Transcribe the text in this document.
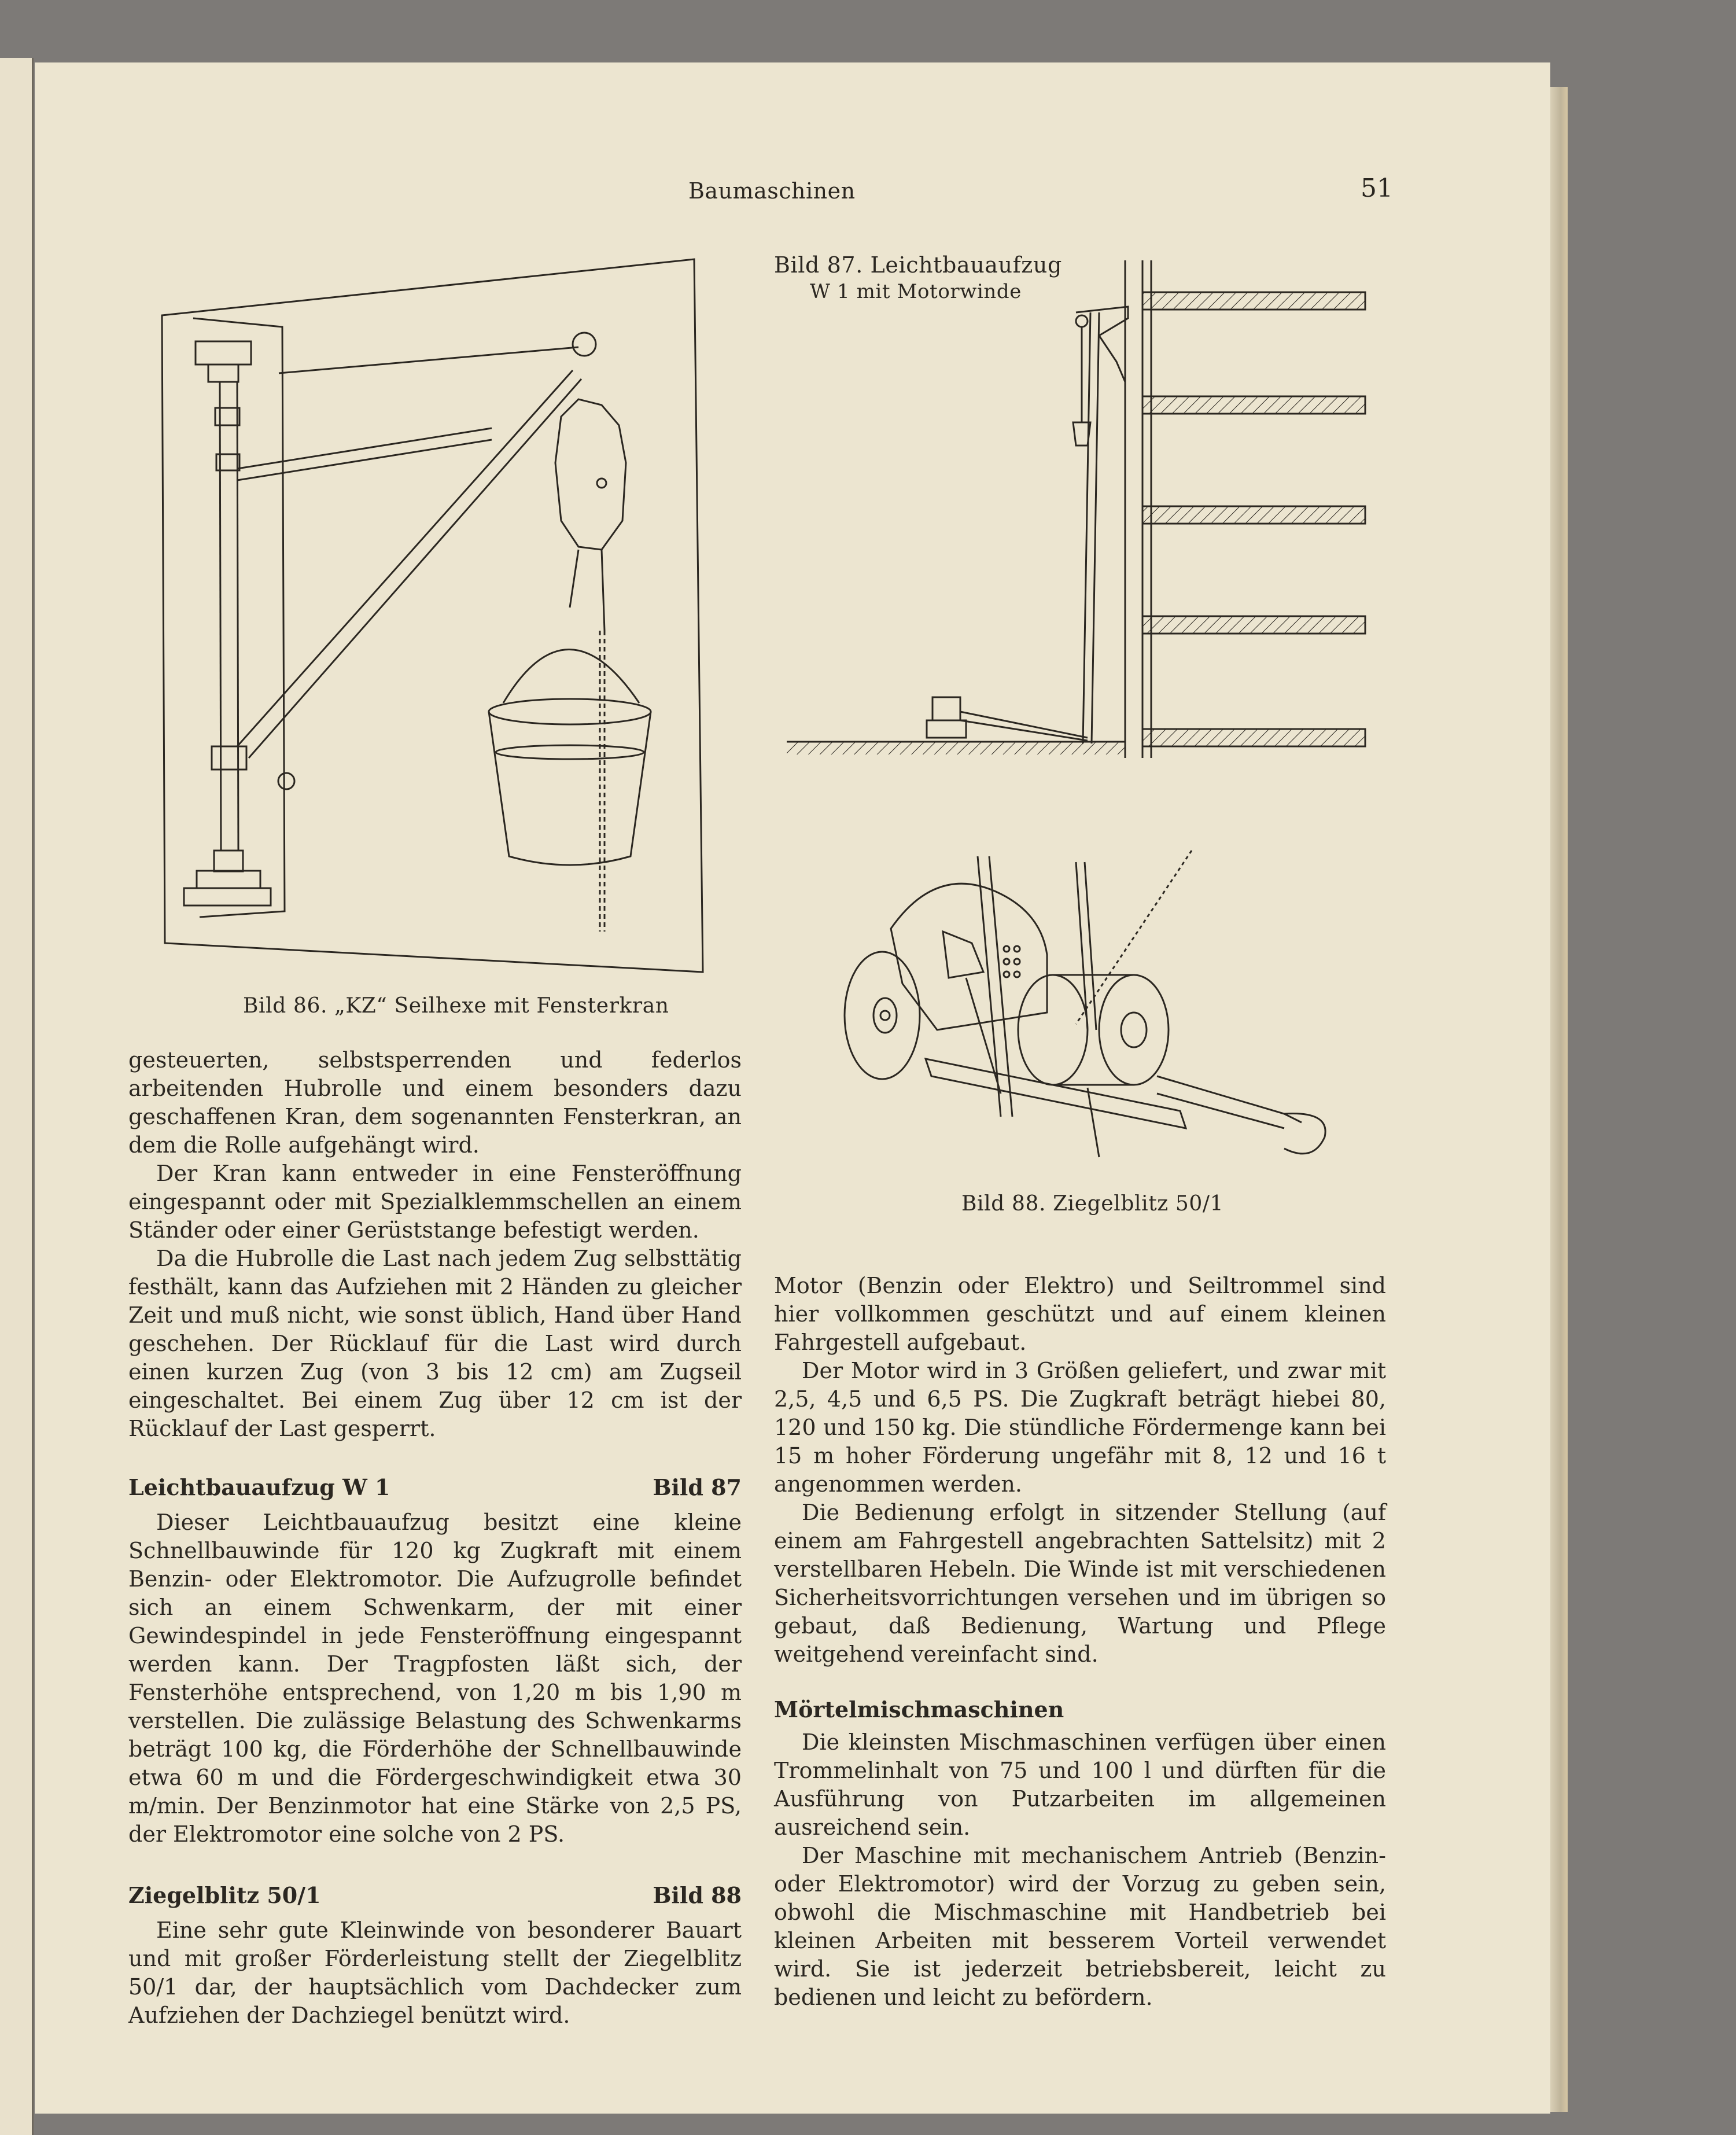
Baumaschinen	51
Bild 86. „KZ“ Seilhexe mit Fensterkran
Bild 87. Leichtbauaufzug
W 1 mit Motorwinde
Bild 88. Ziegelblitz 50/1

gesteuerten, selbstsperrenden und federlos arbeitenden Hubrolle und einem besonders dazu geschaffenen Kran, dem sogenannten Fensterkran, an dem die Rolle aufgehängt wird.

Der Kran kann entweder in eine Fensteröffnung eingespannt oder mit Spezialklemmschellen an einem Ständer oder einer Gerüststange befestigt werden.

Da die Hubrolle die Last nach jedem Zug selbsttätig festhält, kann das Aufziehen mit 2 Händen zu gleicher Zeit und muß nicht, wie sonst üblich, Hand über Hand geschehen. Der Rücklauf für die Last wird durch einen kurzen Zug (von 3 bis 12 cm) am Zugseil eingeschaltet. Bei einem Zug über 12 cm ist der Rücklauf der Last gesperrt.

Leichtbauaufzug W 1	Bild 87

Dieser Leichtbauaufzug besitzt eine kleine Schnellbauwinde für 120 kg Zugkraft mit einem Benzin- oder Elektromotor. Die Aufzugrolle befindet sich an einem Schwenkarm, der mit einer Gewindespindel in jede Fensteröffnung eingespannt werden kann. Der Tragpfosten läßt sich, der Fensterhöhe entsprechend, von 1,20 m bis 1,90 m verstellen. Die zulässige Belastung des Schwenkarms beträgt 100 kg, die Förderhöhe der Schnellbauwinde etwa 60 m und die Fördergeschwindigkeit etwa 30 m/min. Der Benzinmotor hat eine Stärke von 2,5 PS, der Elektromotor eine solche von 2 PS.

Ziegelblitz 50/1	Bild 88

Eine sehr gute Kleinwinde von besonderer Bauart und mit großer Förderleistung stellt der Ziegelblitz 50/1 dar, der hauptsächlich vom Dachdecker zum Aufziehen der Dachziegel benützt wird.

Motor (Benzin oder Elektro) und Seiltrommel sind hier vollkommen geschützt und auf einem kleinen Fahrgestell aufgebaut.

Der Motor wird in 3 Größen geliefert, und zwar mit 2,5, 4,5 und 6,5 PS. Die Zugkraft beträgt hiebei 80, 120 und 150 kg. Die stündliche Fördermenge kann bei 15 m hoher Förderung ungefähr mit 8, 12 und 16 t angenommen werden.

Die Bedienung erfolgt in sitzender Stellung (auf einem am Fahrgestell angebrachten Sattelsitz) mit 2 verstellbaren Hebeln. Die Winde ist mit verschiedenen Sicherheitsvorrichtungen versehen und im übrigen so gebaut, daß Bedienung, Wartung und Pflege weitgehend vereinfacht sind.

Mörtelmischmaschinen

Die kleinsten Mischmaschinen verfügen über einen Trommelinhalt von 75 und 100 l und dürften für die Ausführung von Putzarbeiten im allgemeinen ausreichend sein.

Der Maschine mit mechanischem Antrieb (Benzin- oder Elektromotor) wird der Vorzug zu geben sein, obwohl die Mischmaschine mit Handbetrieb bei kleinen Arbeiten mit besserem Vorteil verwendet wird. Sie ist jederzeit betriebsbereit, leicht zu bedienen und leicht zu befördern.
